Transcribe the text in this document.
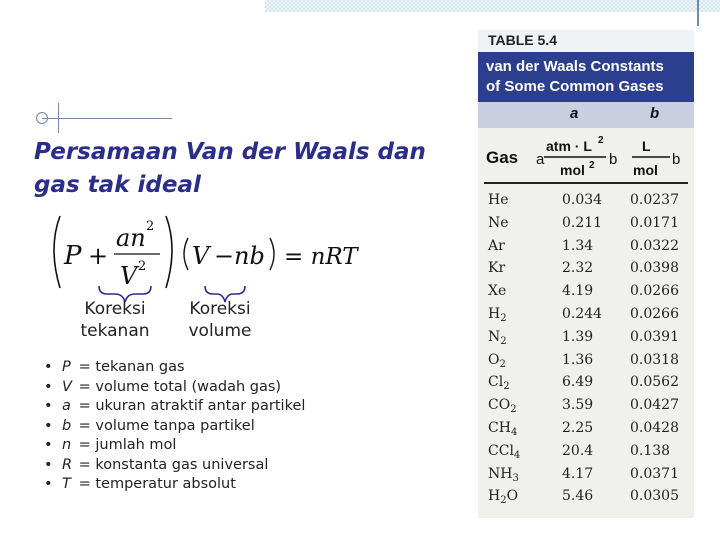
Persamaan Van der Waals dan
gas tak ideal
P +
an 2
V 2 V − nb = nRT
Koreksi
tekanan
Koreksi
volume
• P = tekanan gas
• V = volume total (wadah gas)
• a = ukuran atraktif antar partikel
• b = volume tanpa partikel
• n = jumlah mol
• R = konstanta gas universal
• T = temperatur absolut
TABLE 5.4
van der Waals Constants
of Some Common Gases
a	b
Gas a
atm · L 2
mol 2 b
L
mol
b
He	0.034 0.0237
Ne	0.211 0.0171
Ar	1.34	0.0322
Kr	2.32	0.0398
Xe	4.19	0.0266
$H_2$	0.244 0.0266
$N_2$	1.39	0.0391
$O_2$	1.36	0.0318
$Cl_2$	6.49	0.0562
$CO_2$	3.59	0.0427
$CH_4$	2.25	0.0428
CCl$_4$	20.4	0.138
$NH_3$	4.17	0.0371
$H_2O$	5.46	0.0305
